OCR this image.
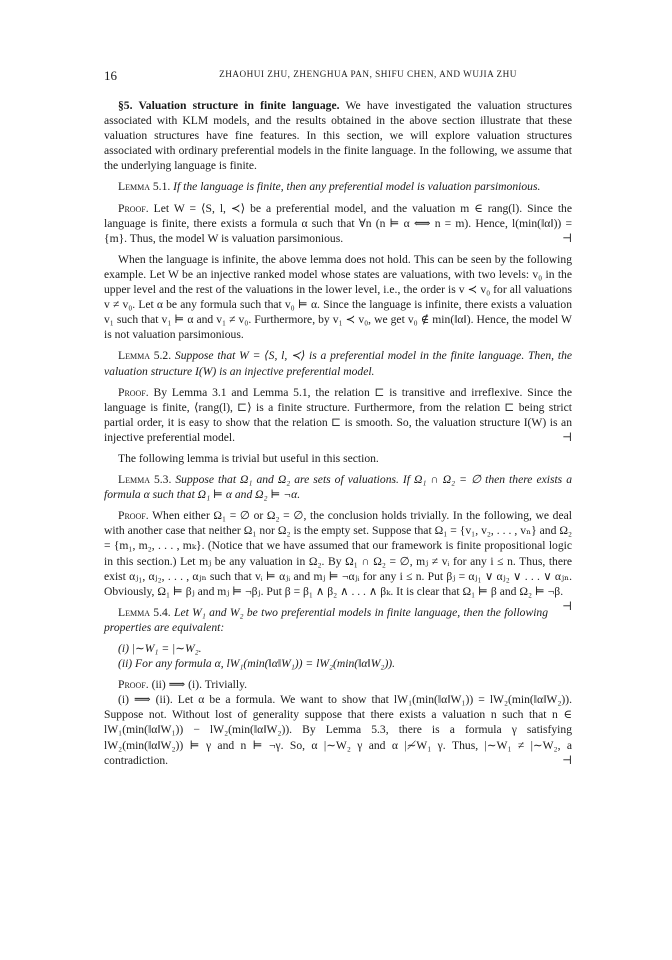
16	ZHAOHUI ZHU, ZHENGHUA PAN, SHIFU CHEN, AND WUJIA ZHU

§5. Valuation structure in finite language. We have investigated the valuation structures associated with KLM models, and the results obtained in the above section illustrate that these valuation structures have fine features. In this section, we will explore valuation structures associated with ordinary preferential models in the finite language. In the following, we assume that the underlying language is finite.

Lemma 5.1. If the language is finite, then any preferential model is valuation parsimonious.

Proof. Let W = ⟨S, l, ≺⟩ be a preferential model, and the valuation m ∈ rang(l). Since the language is finite, there exists a formula α such that ∀n (n ⊨ α ⟺ n = m). Hence, l(min(‖α‖)) = {m}. Thus, the model W is valuation parsimonious.	⊣

When the language is infinite, the above lemma does not hold. This can be seen by the following example. Let W be an injective ranked model whose states are valuations, with two levels: v₀ in the upper level and the rest of the valuations in the lower level, i.e., the order is v ≺ v₀ for all valuations v ≠ v₀. Let α be any formula such that v₀ ⊨ α. Since the language is infinite, there exists a valuation v₁ such that v₁ ⊨ α and v₁ ≠ v₀. Furthermore, by v₁ ≺ v₀, we get v₀ ∉ min(‖α‖). Hence, the model W is not valuation parsimonious.

Lemma 5.2. Suppose that W = ⟨S, l, ≺⟩ is a preferential model in the finite language. Then, the valuation structure I(W) is an injective preferential model.

Proof. By Lemma 3.1 and Lemma 5.1, the relation ⊏ is transitive and irreflexive. Since the language is finite, ⟨rang(l), ⊏⟩ is a finite structure. Furthermore, from the relation ⊏ being strict partial order, it is easy to show that the relation ⊏ is smooth. So, the valuation structure I(W) is an injective preferential model.	⊣

The following lemma is trivial but useful in this section.

Lemma 5.3. Suppose that Ω₁ and Ω₂ are sets of valuations. If Ω₁ ∩ Ω₂ = ∅ then there exists a formula α such that Ω₁ ⊨ α and Ω₂ ⊨ ¬α.

Proof. When either Ω₁ = ∅ or Ω₂ = ∅, the conclusion holds trivially. In the following, we deal with another case that neither Ω₁ nor Ω₂ is the empty set. Suppose that Ω₁ = {v₁, v₂, . . . , vₙ} and Ω₂ = {m₁, m₂, . . . , mₖ}. (Notice that we have assumed that our framework is finite propositional logic in this section.) Let mⱼ be any valuation in Ω₂. By Ω₁ ∩ Ω₂ = ∅, mⱼ ≠ vᵢ for any i ≤ n. Thus, there exist αⱼ₁, αⱼ₂, . . . , αⱼₙ such that vᵢ ⊨ αⱼᵢ and mⱼ ⊨ ¬αⱼᵢ for any i ≤ n. Put βⱼ = αⱼ₁ ∨ αⱼ₂ ∨ . . . ∨ αⱼₙ. Obviously, Ω₁ ⊨ βⱼ and mⱼ ⊨ ¬βⱼ. Put β = β₁ ∧ β₂ ∧ . . . ∧ βₖ. It is clear that Ω₁ ⊨ β and Ω₂ ⊨ ¬β.
⊣

Lemma 5.4. Let W₁ and W₂ be two preferential models in finite language, then the following properties are equivalent:

(i) |∼W₁ = |∼W₂.

(ii) For any formula α, lW₁(min(‖α‖W₁)) = lW₂(min(‖α‖W₂)).

Proof. (ii) ⟹ (i). Trivially.

(i) ⟹ (ii). Let α be a formula. We want to show that lW₁(min(‖α‖W₁)) = lW₂(min(‖α‖W₂)). Suppose not. Without lost of generality suppose that there exists a valuation n such that n ∈ lW₁(min(‖α‖W₁)) − lW₂(min(‖α‖W₂)). By Lemma 5.3, there is a formula γ satisfying lW₂(min(‖α‖W₂)) ⊨ γ and n ⊨ ¬γ. So, α |∼W₂ γ and α |≁W₁ γ. Thus, |∼W₁ ≠ |∼W₂, a contradiction.	⊣
